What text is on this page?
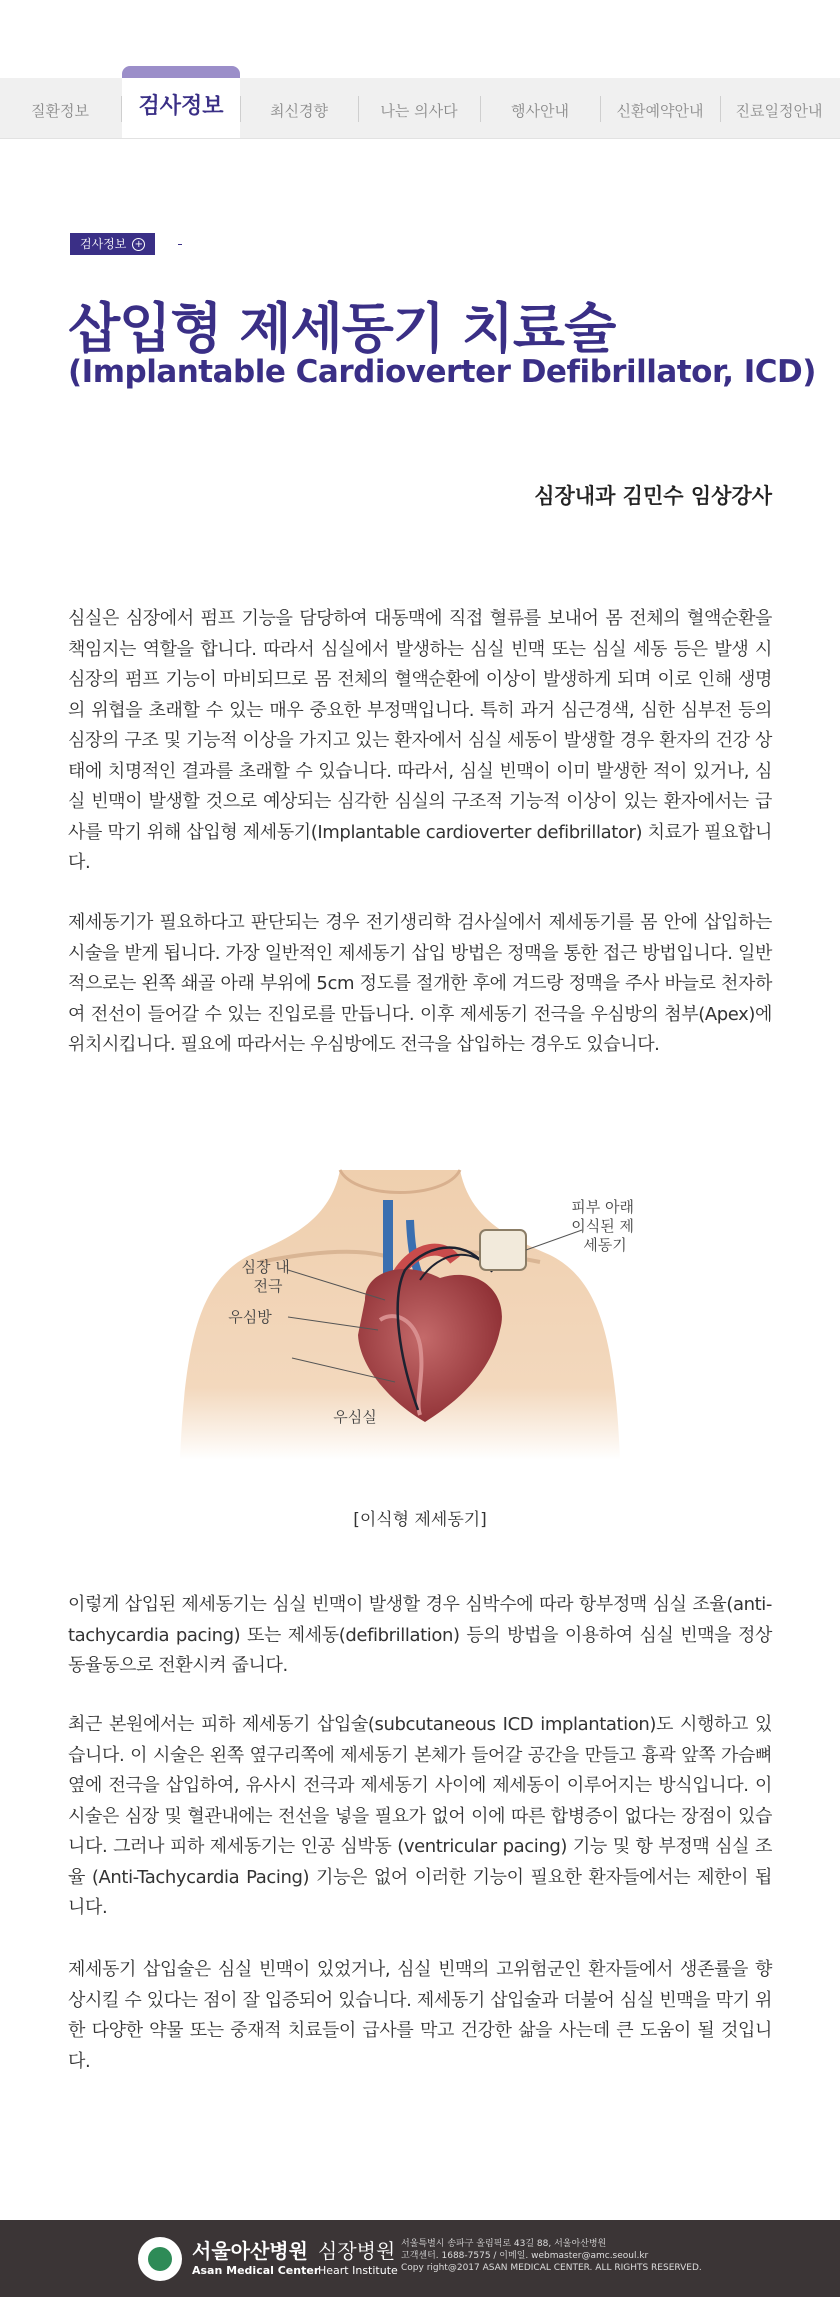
질환정보	검사정보	최신경향	나는 의사다	행사안내	신환예약안내	진료일정안내
검사정보 +
삽입형 제세동기 치료술
(Implantable Cardioverter Defibrillator, ICD)

심장내과 김민수 임상강사

심실은 심장에서 펌프 기능을 담당하여 대동맥에 직접 혈류를 보내어 몸 전체의 혈액순환을 책임지는 역할을 합니다. 따라서 심실에서 발생하는 심실 빈맥 또는 심실 세동 등은 발생 시 심장의 펌프 기능이 마비되므로 몸 전체의 혈액순환에 이상이 발생하게 되며 이로 인해 생명의 위협을 초래할 수 있는 매우 중요한 부정맥입니다. 특히 과거 심근경색, 심한 심부전 등의 심장의 구조 및 기능적 이상을 가지고 있는 환자에서 심실 세동이 발생할 경우 환자의 건강 상태에 치명적인 결과를 초래할 수 있습니다. 따라서, 심실 빈맥이 이미 발생한 적이 있거나, 심실 빈맥이 발생할 것으로 예상되는 심각한 심실의 구조적 기능적 이상이 있는 환자에서는 급사를 막기 위해 삽입형 제세동기(Implantable cardioverter defibrillator) 치료가 필요합니다.

제세동기가 필요하다고 판단되는 경우 전기생리학 검사실에서 제세동기를 몸 안에 삽입하는 시술을 받게 됩니다. 가장 일반적인 제세동기 삽입 방법은 정맥을 통한 접근 방법입니다. 일반적으로는 왼쪽 쇄골 아래 부위에 5cm 정도를 절개한 후에 겨드랑 정맥을 주사 바늘로 천자하여 전선이 들어갈 수 있는 진입로를 만듭니다. 이후 제세동기 전극을 우심방의 첨부(Apex)에 위치시킵니다. 필요에 따라서는 우심방에도 전극을 삽입하는 경우도 있습니다.

심장 내 전극
우심방
우심실
피부 아래 이식된 제 세동기
[이식형 제세동기]

이렇게 삽입된 제세동기는 심실 빈맥이 발생할 경우 심박수에 따라 항부정맥 심실 조율(anti-tachycardia pacing) 또는 제세동(defibrillation) 등의 방법을 이용하여 심실 빈맥을 정상 동율동으로 전환시켜 줍니다.

최근 본원에서는 피하 제세동기 삽입술(subcutaneous ICD implantation)도 시행하고 있습니다. 이 시술은 왼쪽 옆구리쪽에 제세동기 본체가 들어갈 공간을 만들고 흉곽 앞쪽 가슴뼈 옆에 전극을 삽입하여, 유사시 전극과 제세동기 사이에 제세동이 이루어지는 방식입니다. 이 시술은 심장 및 혈관내에는 전선을 넣을 필요가 없어 이에 따른 합병증이 없다는 장점이 있습니다. 그러나 피하 제세동기는 인공 심박동 (ventricular pacing) 기능 및 항 부정맥 심실 조율 (Anti-Tachycardia Pacing) 기능은 없어 이러한 기능이 필요한 환자들에서는 제한이 됩니다.

제세동기 삽입술은 심실 빈맥이 있었거나, 심실 빈맥의 고위험군인 환자들에서 생존률을 향상시킬 수 있다는 점이 잘 입증되어 있습니다. 제세동기 삽입술과 더불어 심실 빈맥을 막기 위한 다양한 약물 또는 중재적 치료들이 급사를 막고 건강한 삶을 사는데 큰 도움이 될 것입니다.

서울아산병원
Asan Medical Center
심장병원
Heart Institute
서울특별시 송파구 올림픽로 43길 88, 서울아산병원
고객센터. 1688-7575 / 이메일. webmaster@amc.seoul.kr
Copy right@2017 ASAN MEDICAL CENTER. ALL RIGHTS RESERVED.
